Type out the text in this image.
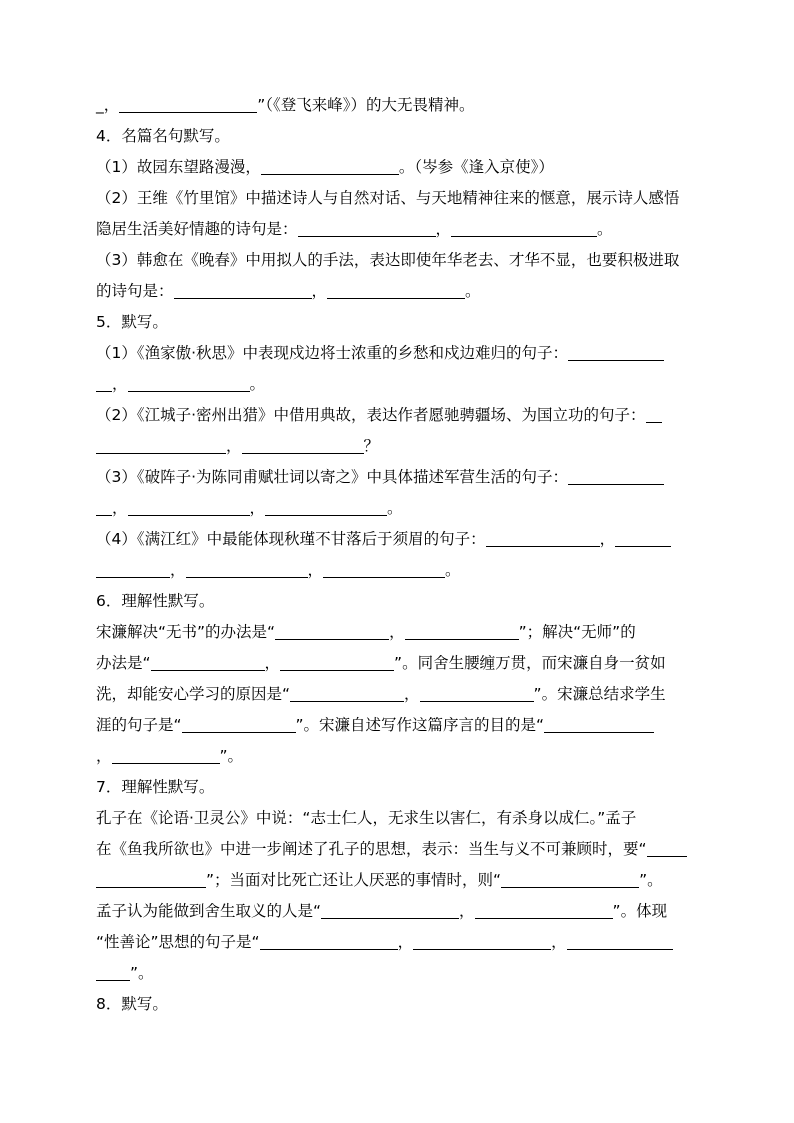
_，	”（《登飞来峰》）的大无畏精神。
4．名篇名句默写。
（1）故园东望路漫漫，	。（岑参《逢入京使》）
（2）王维《竹里馆》中描述诗人与自然对话、与天地精神往来的惬意，展示诗人感悟
隐居生活美好情趣的诗句是：	，	。
（3）韩愈在《晚春》中用拟人的手法，表达即使年华老去、才华不显，也要积极进取
的诗句是：	，	。
5．默写。
（1）《渔家傲·秋思》中表现戍边将士浓重的乡愁和戍边难归的句子：
，	。
（2）《江城子·密州出猎》中借用典故，表达作者愿驰骋疆场、为国立功的句子：
，	？
（3）《破阵子·为陈同甫赋壮词以寄之》中具体描述军营生活的句子：
，	，	。
（4）《满江红》中最能体现秋瑾不甘落后于须眉的句子：	，
，	，	。
6．理解性默写。
宋濂解决“无书”的办法是“	，	”；解决“无师”的
办法是“	，	”。同舍生腰缠万贯，而宋濂自身一贫如
洗，却能安心学习的原因是“	，	”。宋濂总结求学生
涯的句子是“	”。宋濂自述写作这篇序言的目的是“
，	”。
7．理解性默写。
孔子在《论语·卫灵公》中说：“志士仁人，无求生以害仁，有杀身以成仁。”孟子
在《鱼我所欲也》中进一步阐述了孔子的思想，表示：当生与义不可兼顾时，要“
”；当面对比死亡还让人厌恶的事情时，则“	”。
孟子认为能做到舍生取义的人是“	，	”。体现
“性善论”思想的句子是“	，	，
”。
8．默写。
